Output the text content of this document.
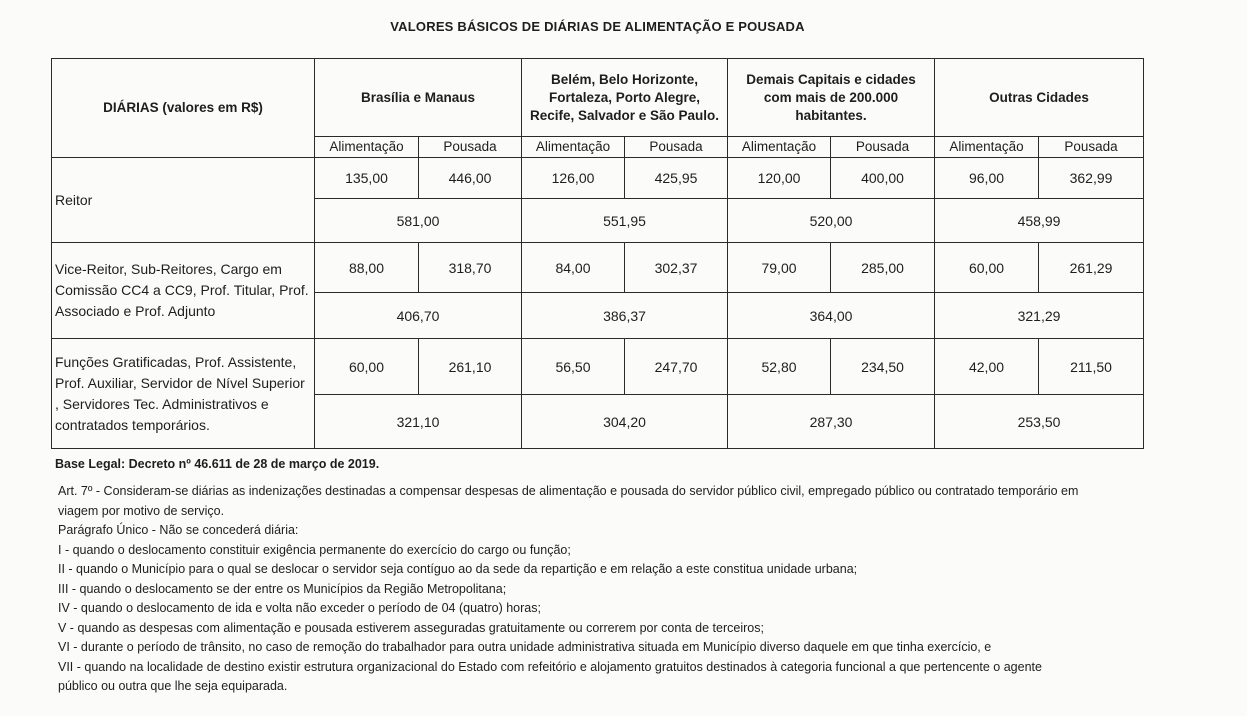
VALORES BÁSICOS DE DIÁRIAS DE ALIMENTAÇÃO E POUSADA
DIÁRIAS (valores em R$)	Brasília e Manaus		Belém, Belo Horizonte, Fortaleza, Porto Alegre, Recife, Salvador e São Paulo.		Demais Capitais e cidades com mais de 200.000 habitantes.		Outras Cidades	
	Alimentação	Pousada	Alimentação	Pousada	Alimentação	Pousada	Alimentação	Pousada
Reitor	135,00	446,00	126,00	425,95	120,00	400,00	96,00	362,99
	581,00		551,95		520,00		458,99	
Vice-Reitor, Sub-Reitores, Cargo em Comissão CC4 a CC9, Prof. Titular, Prof. Associado e Prof. Adjunto	88,00	318,70	84,00	302,37	79,00	285,00	60,00	261,29
	406,70		386,37		364,00		321,29	
Funções Gratificadas, Prof. Assistente, Prof. Auxiliar, Servidor de Nível Superior , Servidores Tec. Administrativos e contratados temporários.	60,00	261,10	56,50	247,70	52,80	234,50	42,00	211,50
	321,10		304,20		287,30		253,50	
Base Legal: Decreto nº 46.611 de 28 de março de 2019.
Art. 7º - Consideram-se diárias as indenizações destinadas a compensar despesas de alimentação e pousada do servidor público civil, empregado público ou contratado temporário em
viagem por motivo de serviço.
Parágrafo Único - Não se concederá diária:
I - quando o deslocamento constituir exigência permanente do exercício do cargo ou função;
II - quando o Município para o qual se deslocar o servidor seja contíguo ao da sede da repartição e em relação a este constitua unidade urbana;
III - quando o deslocamento se der entre os Municípios da Região Metropolitana;
IV - quando o deslocamento de ida e volta não exceder o período de 04 (quatro) horas;
V - quando as despesas com alimentação e pousada estiverem asseguradas gratuitamente ou correrem por conta de terceiros;
VI - durante o período de trânsito, no caso de remoção do trabalhador para outra unidade administrativa situada em Município diverso daquele em que tinha exercício, e
VII - quando na localidade de destino existir estrutura organizacional do Estado com refeitório e alojamento gratuitos destinados à categoria funcional a que pertencente o agente
público ou outra que lhe seja equiparada.
